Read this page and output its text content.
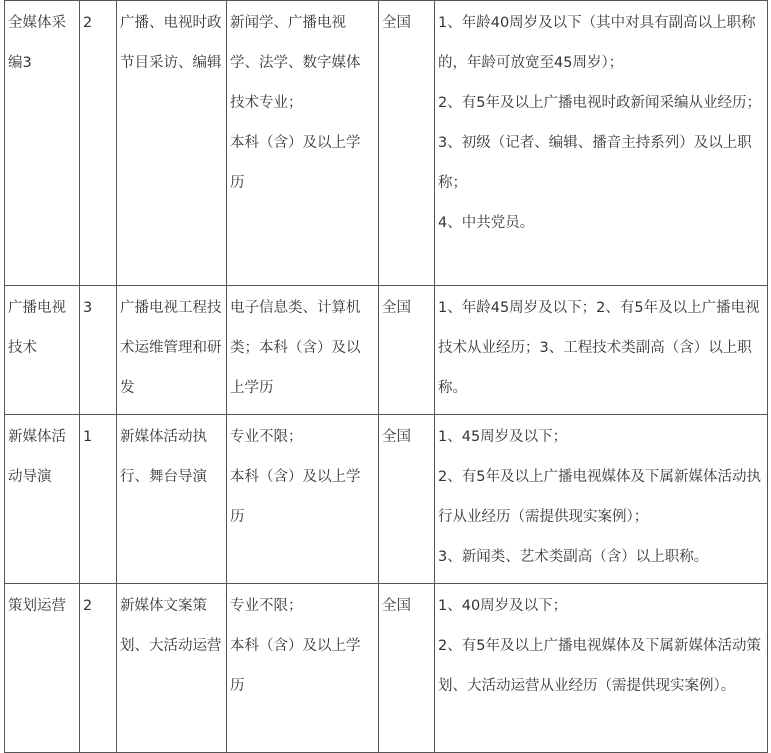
全媒体采编3	2	广播、电视时政节目采访、编辑	新闻学、广播电视学、法学、数字媒体技术专业；
本科（含）及以上学历	全国	1、年龄40周岁及以下（其中对具有副高以上职称的，年龄可放宽至45周岁）；
2、有5年及以上广播电视时政新闻采编从业经历；
3、初级（记者、编辑、播音主持系列）及以上职称；
4、中共党员。

广播电视技术	3	广播电视工程技术运维管理和研发	电子信息类、计算机类；本科（含）及以上学历	全国	1、年龄45周岁及以下；2、有5年及以上广播电视技术从业经历；3、工程技术类副高（含）以上职称。

新媒体活动导演	1	新媒体活动执行、舞台导演	专业不限；
本科（含）及以上学历	全国	1、45周岁及以下；
2、有5年及以上广播电视媒体及下属新媒体活动执行从业经历（需提供现实案例）；
3、新闻类、艺术类副高（含）以上职称。

策划运营	2	新媒体文案策划、大活动运营	专业不限；
本科（含）及以上学历	全国	1、40周岁及以下；
2、有5年及以上广播电视媒体及下属新媒体活动策划、大活动运营从业经历（需提供现实案例）。
